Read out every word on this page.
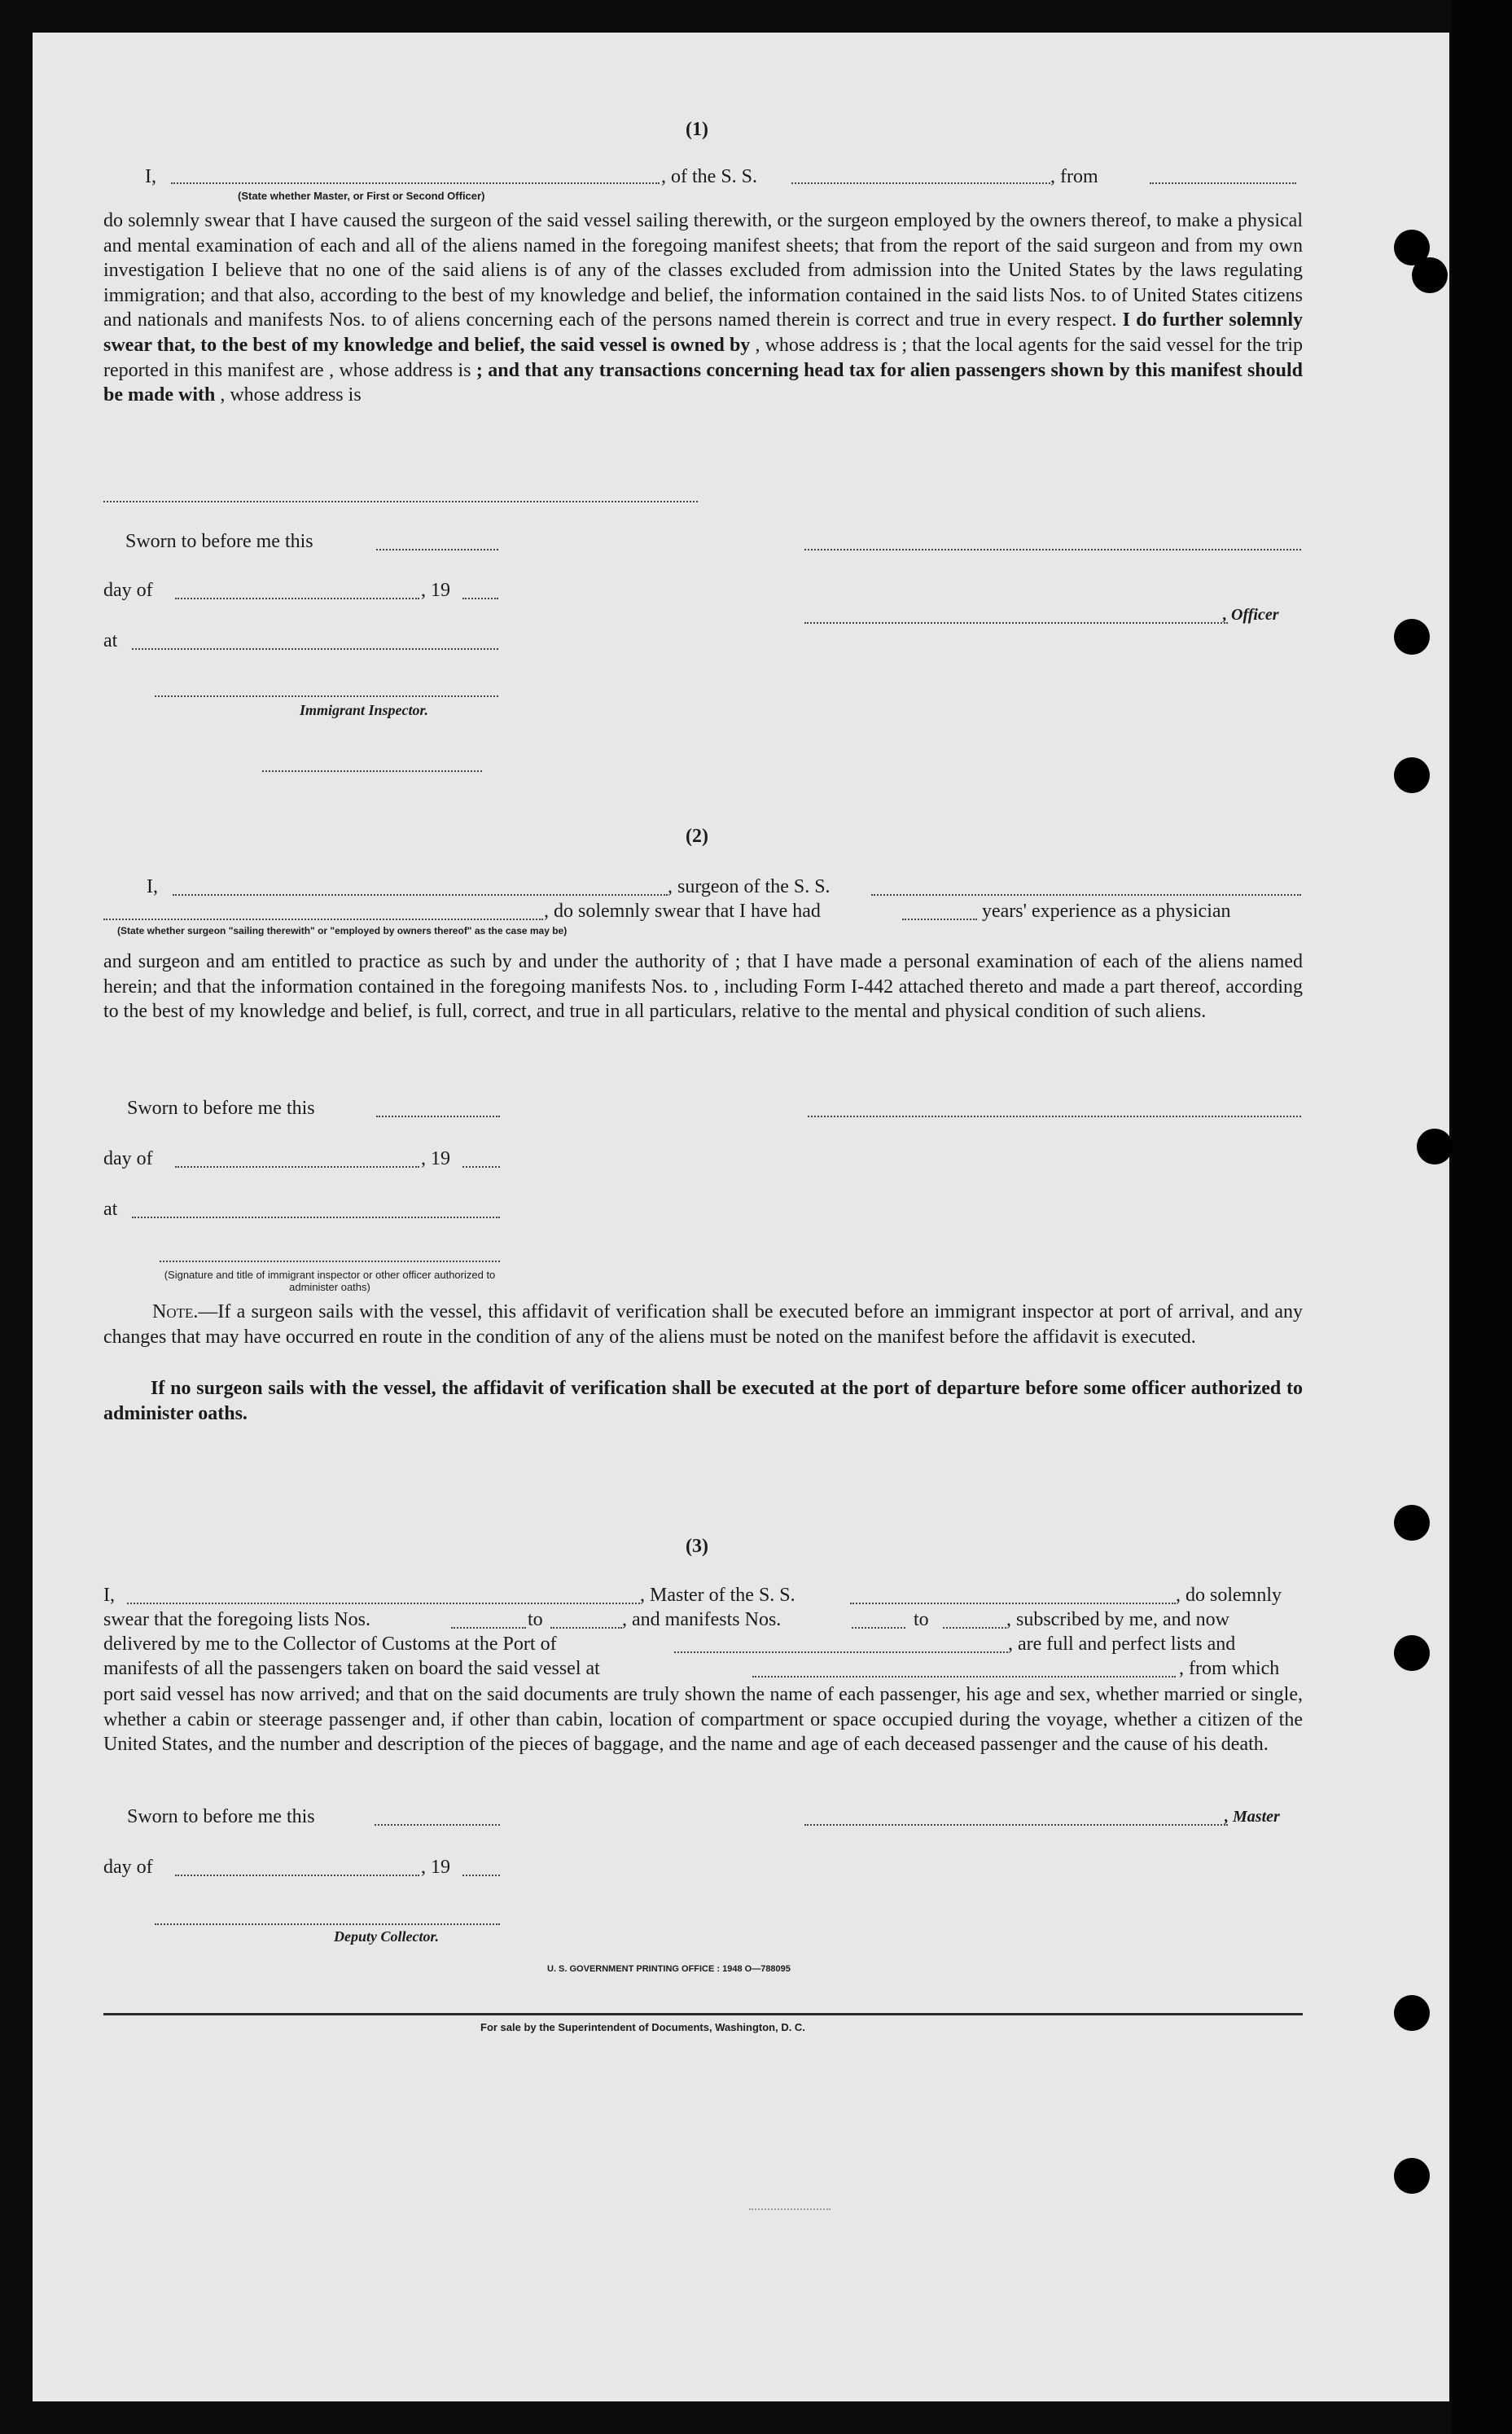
(1)
I,	, of the S. S.	, from
(State whether Master, or First or Second Officer)
do solemnly swear that I have caused the surgeon of the said vessel sailing therewith, or the surgeon employed by the owners thereof, to make a physical and mental examination of each and all of the aliens named in the foregoing manifest sheets; that from the report of the said surgeon and from my own investigation I believe that no one of the said aliens is of any of the classes excluded from admission into the United States by the laws regulating immigration; and that also, according to the best of my knowledge and belief, the information contained in the said lists Nos. to of United States citizens and nationals and manifests Nos. to of aliens concerning each of the persons named therein is correct and true in every respect. I do further solemnly swear that, to the best of my knowledge and belief, the said vessel is owned by , whose address is ; that the local agents for the said vessel for the trip reported in this manifest are , whose address is ; and that any transactions concerning head tax for alien passengers shown by this manifest should be made with , whose address is
Sworn to before me this
day of	, 19
, Officer
at
Immigrant Inspector.
(2)
I,	, surgeon of the S. S.
, do solemnly swear that I have had	years' experience as a physician
(State whether surgeon "sailing therewith" or "employed by owners thereof" as the case may be)
and surgeon and am entitled to practice as such by and under the authority of ; that I have made a personal examination of each of the aliens named herein; and that the information contained in the foregoing manifests Nos. to , including Form I-442 attached thereto and made a part thereof, according to the best of my knowledge and belief, is full, correct, and true in all particulars, relative to the mental and physical condition of such aliens.
Sworn to before me this
day of	, 19
at
(Signature and title of immigrant inspector or other officer authorized to administer oaths)
Note.—If a surgeon sails with the vessel, this affidavit of verification shall be executed before an immigrant inspector at port of arrival, and any changes that may have occurred en route in the condition of any of the aliens must be noted on the manifest before the affidavit is executed.
If no surgeon sails with the vessel, the affidavit of verification shall be executed at the port of departure before some officer authorized to administer oaths.
(3)
I,	, Master of the S. S.	, do solemnly
swear that the foregoing lists Nos.	to	, and manifests Nos.	to	, subscribed by me, and now
delivered by me to the Collector of Customs at the Port of	, are full and perfect lists and
manifests of all the passengers taken on board the said vessel at	, from which
port said vessel has now arrived; and that on the said documents are truly shown the name of each passenger, his age and sex, whether married or single, whether a cabin or steerage passenger and, if other than cabin, location of compartment or space occupied during the voyage, whether a citizen of the United States, and the number and description of the pieces of baggage, and the name and age of each deceased passenger and the cause of his death.
Sworn to before me this	, Master
day of	, 19
Deputy Collector.
U. S. GOVERNMENT PRINTING OFFICE : 1948 O—788095
For sale by the Superintendent of Documents, Washington, D. C.
